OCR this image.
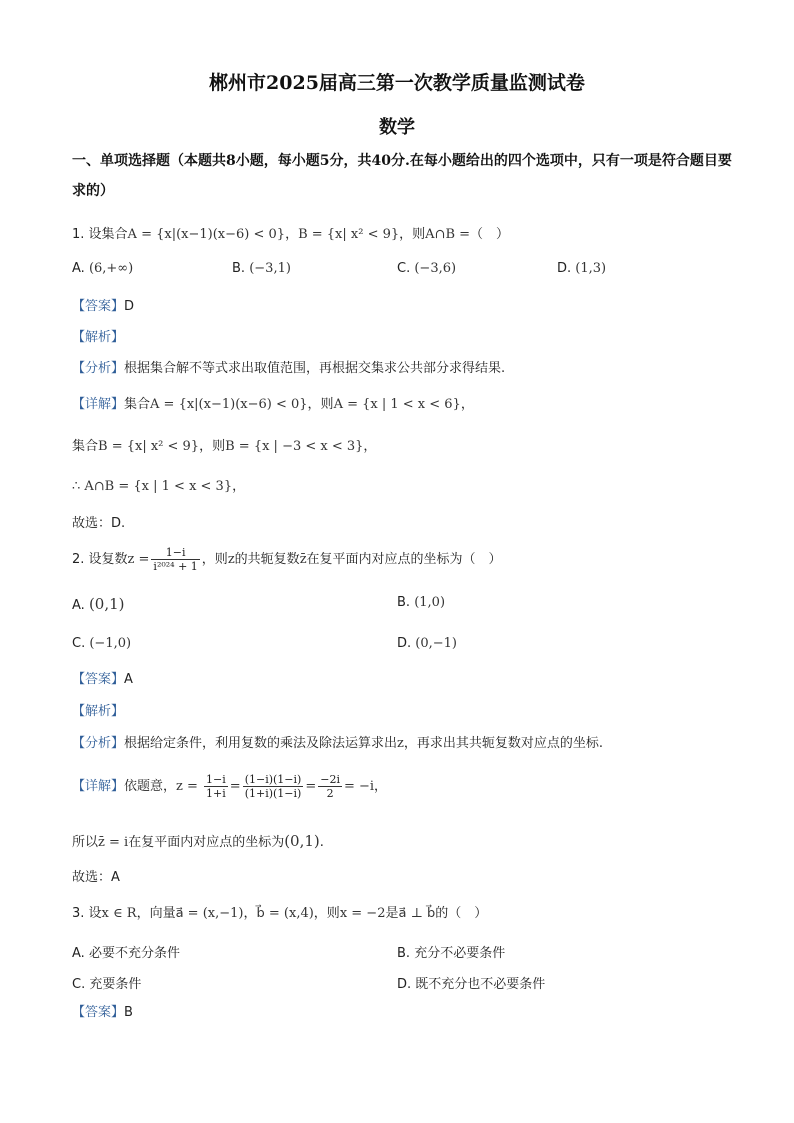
郴州市2025届高三第一次教学质量监测试卷
数学
一、单项选择题（本题共8小题，每小题5分，共40分.在每小题给出的四个选项中，只有一项是符合题目要求的）
1. 设集合A = {x|(x−1)(x−6) < 0}，B = {x| x² < 9}，则A∩B =（　）
A. (6,+∞)	B. (−3,1)	C. (−3,6)	D. (1,3)
【答案】D
【解析】
【分析】根据集合解不等式求出取值范围，再根据交集求公共部分求得结果.
【详解】集合A = {x|(x−1)(x−6) < 0}，则A = {x | 1 < x < 6}，
集合B = {x| x² < 9}，则B = {x | −3 < x < 3}，
∴ A∩B = {x | 1 < x < 3}，
故选：D.
2. 设复数$z = \frac{1-i}{\text{i²⁰²⁴ + 1}}$ ，则z的共轭复数z̄在复平面内对应点的坐标为（　）
A. (0,1)	B. (1,0)
C. (−1,0)	D. (0,−1)
【答案】A
【解析】
【分析】根据给定条件，利用复数的乘法及除法运算求出z，再求出其共轭复数对应点的坐标.
【详解】依题意，$z = \frac{1-i}{1+i} = \frac{(1-i)(1-i)}{(1+i)(1-i)} = \frac{-2i}{2} = -i$，
所以z̄ = i在复平面内对应点的坐标为(0,1).
故选：A
3. 设x ∈ R，向量a⃗ = (x,−1)，b⃗ = (x,4)，则x = −2是a⃗ ⊥ b⃗的（　）
A. 必要不充分条件	B. 充分不必要条件
C. 充要条件	D. 既不充分也不必要条件
【答案】B
